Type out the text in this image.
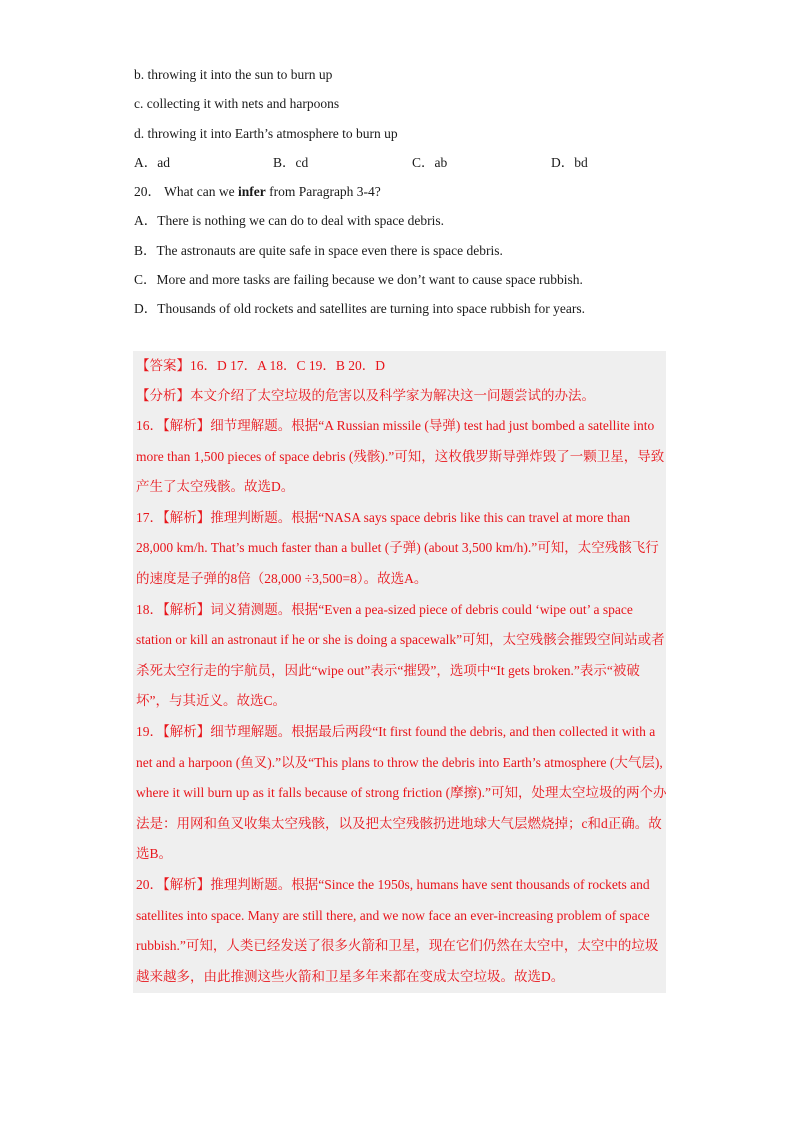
b. throwing it into the sun to burn up
c. collecting it with nets and harpoons
d. throwing it into Earth’s atmosphere to burn up
A．ad	B．cd	C．ab	D．bd
20． What can we infer from Paragraph 3-4?
A．There is nothing we can do to deal with space debris.
B．The astronauts are quite safe in space even there is space debris.
C．More and more tasks are failing because we don’t want to cause space rubbish.
D．Thousands of old rockets and satellites are turning into space rubbish for years.

【答案】16．D 17．A 18．C 19．B 20．D

【分析】本文介绍了太空垃圾的危害以及科学家为解决这一问题尝试的办法。

16．【解析】细节理解题。根据“A Russian missile (导弹) test had just bombed a satellite into more than 1,500 pieces of space debris (残骸).”可知，这枚俄罗斯导弹炸毁了一颗卫星，导致产生了太空残骸。故选D。

17．【解析】推理判断题。根据“NASA says space debris like this can travel at more than 28,000 km/h. That’s much faster than a bullet (子弹) (about 3,500 km/h).”可知，太空残骸飞行的速度是子弹的8倍（28,000 ÷3,500=8）。故选A。

18．【解析】词义猜测题。根据“Even a pea-sized piece of debris could ‘wipe out’ a space station or kill an astronaut if he or she is doing a spacewalk”可知，太空残骸会摧毁空间站或者杀死太空行走的宇航员，因此“wipe out”表示“摧毁”，选项中“It gets broken.”表示“被破坏”，与其近义。故选C。

19．【解析】细节理解题。根据最后两段“It first found the debris, and then collected it with a net and a harpoon (鱼叉).”以及“This plans to throw the debris into Earth’s atmosphere (大气层), where it will burn up as it falls because of strong friction (摩擦).”可知，处理太空垃圾的两个办法是：用网和鱼叉收集太空残骸，以及把太空残骸扔进地球大气层燃烧掉；c和d正确。故选B。

20．【解析】推理判断题。根据“Since the 1950s, humans have sent thousands of rockets and satellites into space. Many are still there, and we now face an ever-increasing problem of space rubbish.”可知，人类已经发送了很多火箭和卫星，现在它们仍然在太空中，太空中的垃圾越来越多，由此推测这些火箭和卫星多年来都在变成太空垃圾。故选D。
